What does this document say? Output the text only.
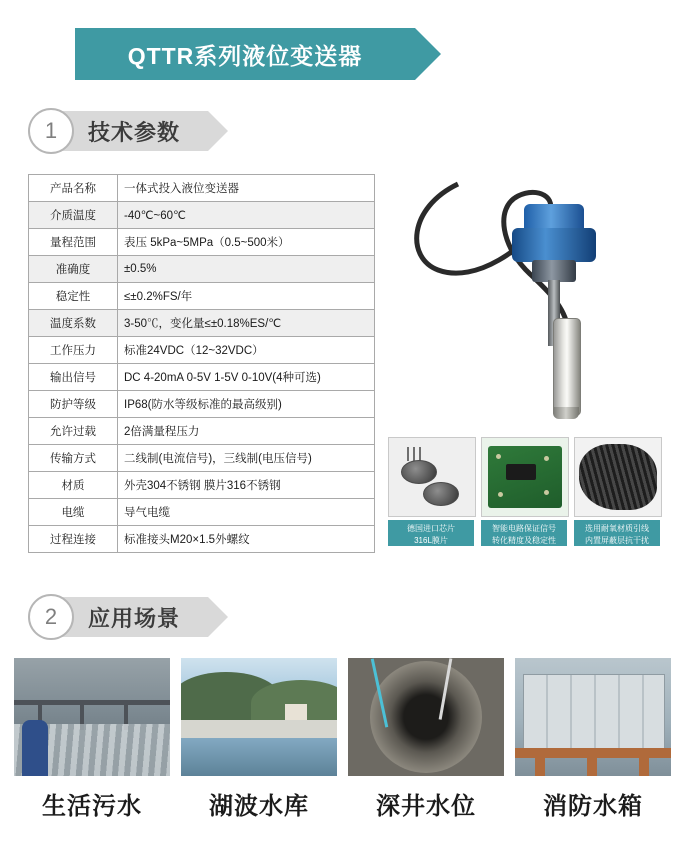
QTTR系列液位变送器
1	技术参数
产品名称	一体式投入液位变送器
介质温度	-40℃~60℃
量程范围	表压 5kPa~5MPa（0.5~500米）
准确度	±0.5%
稳定性	≤±0.2%FS/年
温度系数	3-50℃，变化量≤±0.18%ES/℃
工作压力	标准24VDC（12~32VDC）
输出信号	DC 4-20mA 0-5V 1-5V 0-10V(4种可选)
防护等级	IP68(防水等级标准的最高级别)
允许过载	2倍满量程压力
传输方式	二线制(电流信号)，三线制(电压信号)
材质	外壳304不锈钢 膜片316不锈钢
电缆	导气电缆
过程连接	标准接头M20×1.5外螺纹
德国进口芯片
316L膜片
智能电路保证信号
转化精度及稳定性
选用耐氧材质引线
内置屏蔽层抗干扰
2	应用场景
生活污水	湖波水库	深井水位	消防水箱
